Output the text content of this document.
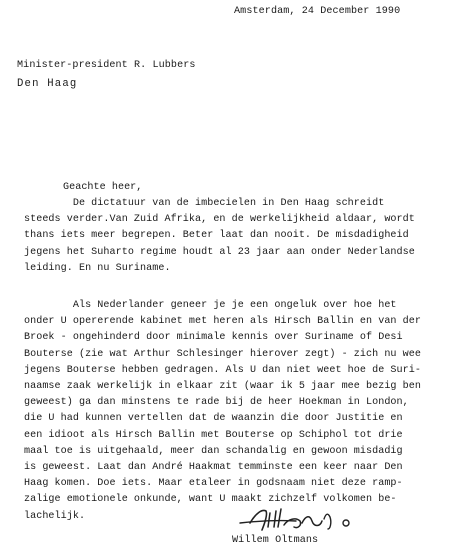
Amsterdam, 24 December 1990
Minister-president R. Lubbers
Den Haag
Geachte heer,
De dictatuur van de imbecielen in Den Haag schreidt
steeds verder.Van Zuid Afrika, en de werkelijkheid aldaar, wordt
thans iets meer begrepen. Beter laat dan nooit. De misdadigheid
jegens het Suharto regime houdt al 23 jaar aan onder Nederlandse
leiding. En nu Suriname.
Als Nederlander geneer je je een ongeluk over hoe het
onder U opererende kabinet met heren als Hirsch Ballin en van der
Broek - ongehinderd door minimale kennis over Suriname of Desi
Bouterse (zie wat Arthur Schlesinger hierover zegt) - zich nu wee
jegens Bouterse hebben gedragen. Als U dan niet weet hoe de Suri-
naamse zaak werkelijk in elkaar zit (waar ik 5 jaar mee bezig ben
geweest) ga dan minstens te rade bij de heer Hoekman in London,
die U had kunnen vertellen dat de waanzin die door Justitie en
een idioot als Hirsch Ballin met Bouterse op Schiphol tot drie
maal toe is uitgehaald, meer dan schandalig en gewoon misdadig
is geweest. Laat dan André Haakmat temminste een keer naar Den
Haag komen. Doe iets. Maar etaleer in godsnaam niet deze ramp-
zalige emotionele onkunde, want U maakt zichzelf volkomen be-
lachelijk.
Willem Oltmans
